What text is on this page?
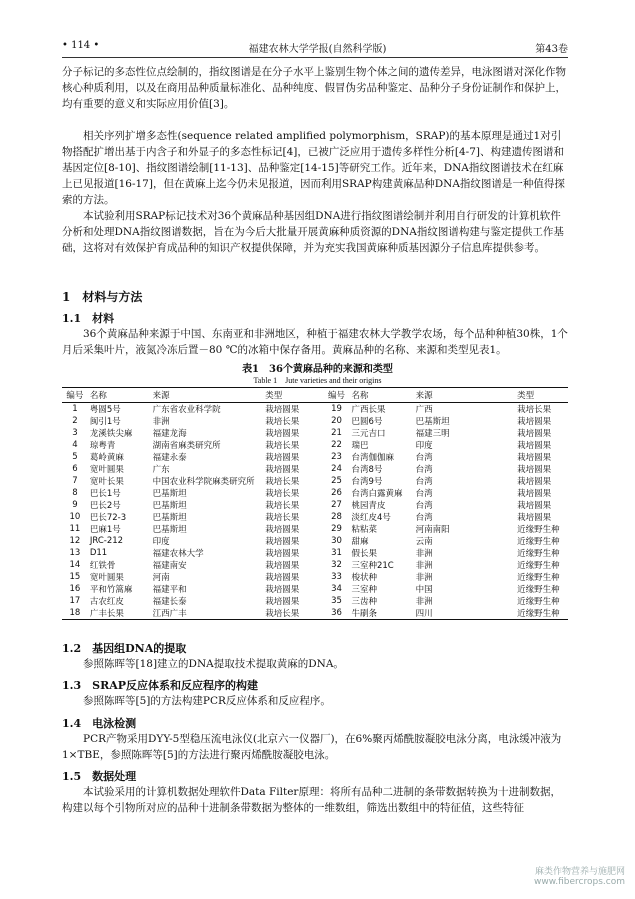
• 114 •	福建农林大学学报(自然科学版)	第43卷
分子标记的多态性位点绘制的，指纹图谱是在分子水平上鉴别生物个体之间的遗传差异，电泳图谱对深化作物核心种质利用，以及在商用品种质量标准化、品种纯度、假冒伪劣品种鉴定、品种分子身份证制作和保护上，均有重要的意义和实际应用价值[3]。
相关序列扩增多态性(sequence related amplified polymorphism，SRAP)的基本原理是通过1对引物搭配扩增出基于内含子和外显子的多态性标记[4]，已被广泛应用于遗传多样性分析[4-7]、构建遗传图谱和基因定位[8-10]、指纹图谱绘制[11-13]、品种鉴定[14-15]等研究工作。近年来，DNA指纹图谱技术在红麻上已见报道[16-17]，但在黄麻上迄今仍未见报道，因而利用SRAP构建黄麻品种DNA指纹图谱是一种值得探索的方法。
本试验利用SRAP标记技术对36个黄麻品种基因组DNA进行指纹图谱绘制并利用自行研发的计算机软件分析和处理DNA指纹图谱数据，旨在为今后大批量开展黄麻种质资源的DNA指纹图谱构建与鉴定提供工作基础，这将对有效保护育成品种的知识产权提供保障，并为充实我国黄麻种质基因源分子信息库提供参考。
1　 材料与方法
1.1　 材料
36个黄麻品种来源于中国、东南亚和非洲地区，种植于福建农林大学教学农场，每个品种种植30株，1个月后采集叶片，液氮冷冻后置－80 ℃的冰箱中保存备用。黄麻品种的名称、来源和类型见表1。
表1　36个黄麻品种的来源和类型
Table 1　Jute varieties and their origins
编号	名称	来源	类型		编号	名称	来源	类型
1	粤圆5号	广东省农业科学院	栽培圆果		19	广西长果	广西	栽培长果
2	闽引1号	非洲	栽培长果		20	巴圆6号	巴基斯坦	栽培圆果
3	龙溪铁尖麻	福建龙海	栽培圆果		21	三元吉口	福建三明	栽培圆果
4	琼粤青	湖南省麻类研究所	栽培长果		22	瑞巴	印度	栽培圆果
5	葛岭黄麻	福建永泰	栽培圆果		23	台湾伽伽麻	台湾	栽培圆果
6	宽叶圆果	广东	栽培圆果		24	台湾8号	台湾	栽培圆果
7	宽叶长果	中国农业科学院麻类研究所	栽培长果		25	台湾9号	台湾	栽培圆果
8	巴长1号	巴基斯坦	栽培长果		26	台湾白露黄麻	台湾	栽培圆果
9	巴长2号	巴基斯坦	栽培长果		27	桃园青皮	台湾	栽培圆果
10	巴长72-3	巴基斯坦	栽培长果		28	淡红皮4号	台湾	栽培圆果
11	巴麻1号	巴基斯坦	栽培圆果		29	粘粘菜	河南南阳	近缘野生种
12	JRC-212	印度	栽培圆果		30	甜麻	云南	近缘野生种
13	D11	福建农林大学	栽培圆果		31	假长果	非洲	近缘野生种
14	红铁骨	福建南安	栽培圆果		32	三室种21C	非洲	近缘野生种
15	宽叶圆果	河南	栽培圆果		33	梭状种	非洲	近缘野生种
16	平和竹篙麻	福建平和	栽培圆果		34	三室种	中国	近缘野生种
17	古农红皮	福建长泰	栽培圆果		35	三齿种	非洲	近缘野生种
18	广丰长果	江西广丰	栽培长果		36	牛刷条	四川	近缘野生种
1.2　 基因组DNA的提取
参照陈晖等[18]建立的DNA提取技术提取黄麻的DNA。
1.3　 SRAP反应体系和反应程序的构建
参照陈晖等[5]的方法构建PCR反应体系和反应程序。
1.4　 电泳检测
PCR产物采用DYY-5型稳压流电泳仪(北京六一仪器厂)，在6%聚丙烯酰胺凝胶电泳分离，电泳缓冲液为1×TBE，参照陈晖等[5]的方法进行聚丙烯酰胺凝胶电泳。
1.5　 数据处理
本试验采用的计算机数据处理软件Data Filter原理：将所有品种二进制的条带数据转换为十进制数据，构建以每个引物所对应的品种十进制条带数据为整体的一维数组，筛选出数组中的特征值，这些特征
麻类作物营养与施肥网
www.fibercrops.com
